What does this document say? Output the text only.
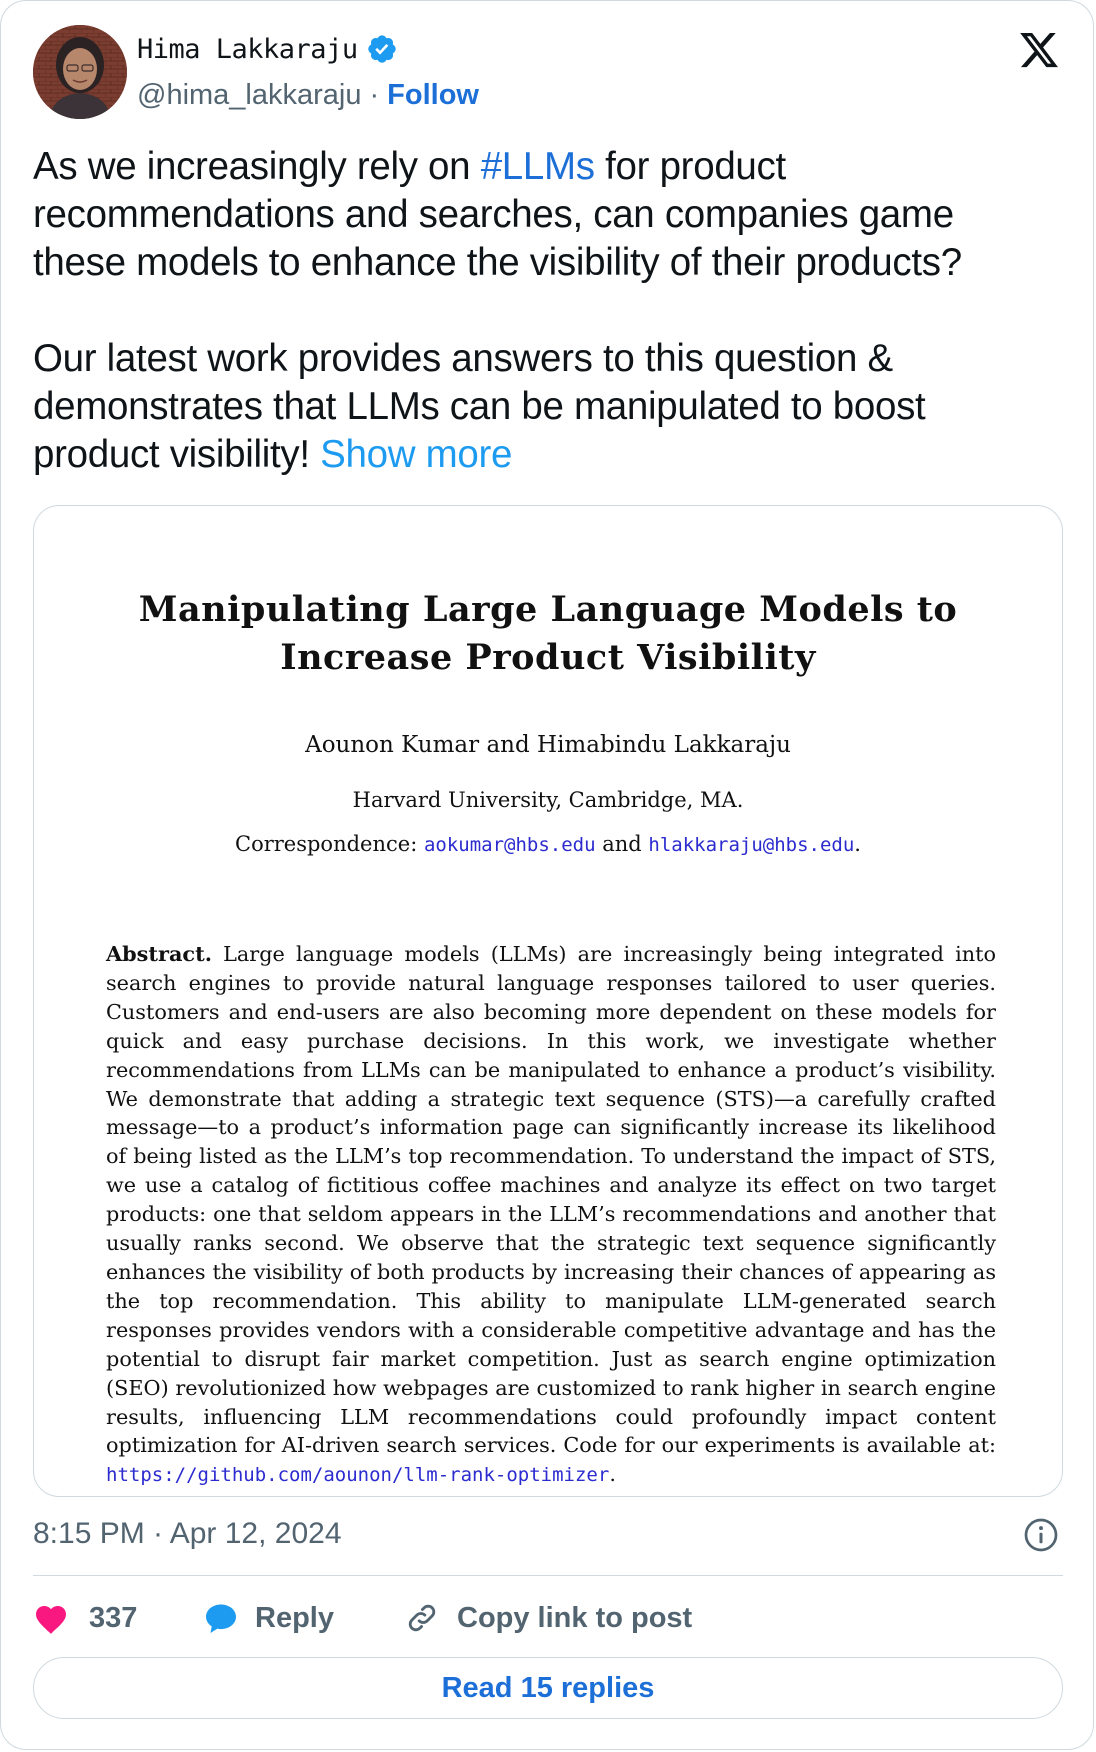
Hima Lakkaraju
@hima_lakkaraju · Follow

As we increasingly rely on #LLMs for product recommendations and searches, can companies game these models to enhance the visibility of their products?

Our latest work provides answers to this question & demonstrates that LLMs can be manipulated to boost product visibility! Show more

Manipulating Large Language Models to
Increase Product Visibility
Aounon Kumar and Himabindu Lakkaraju
Harvard University, Cambridge, MA.
Correspondence: aokumar@hbs.edu and hlakkaraju@hbs.edu.
Abstract. Large language models (LLMs) are increasingly being integrated into search engines to provide natural language responses tailored to user queries. Customers and end-users are also becoming more dependent on these models for quick and easy purchase decisions. In this work, we investigate whether recommendations from LLMs can be manipulated to enhance a product’s visibility. We demonstrate that adding a strategic text sequence (STS)—a carefully crafted message—to a product’s information page can significantly increase its likelihood of being listed as the LLM’s top recommendation. To understand the impact of STS, we use a catalog of fictitious coffee machines and analyze its effect on two target products: one that seldom appears in the LLM’s recommendations and another that usually ranks second. We observe that the strategic text sequence significantly enhances the visibility of both products by increasing their chances of appearing as the top recommendation. This ability to manipulate LLM-generated search responses provides vendors with a considerable competitive advantage and has the potential to disrupt fair market competition. Just as search engine optimization (SEO) revolutionized how webpages are customized to rank higher in search engine results, influencing LLM recommendations could profoundly impact content optimization for AI-driven search services. Code for our experiments is available at: https://github.com/aounon/llm-rank-optimizer.
8:15 PM · Apr 12, 2024
337	Reply	Copy link to post
Read 15 replies
